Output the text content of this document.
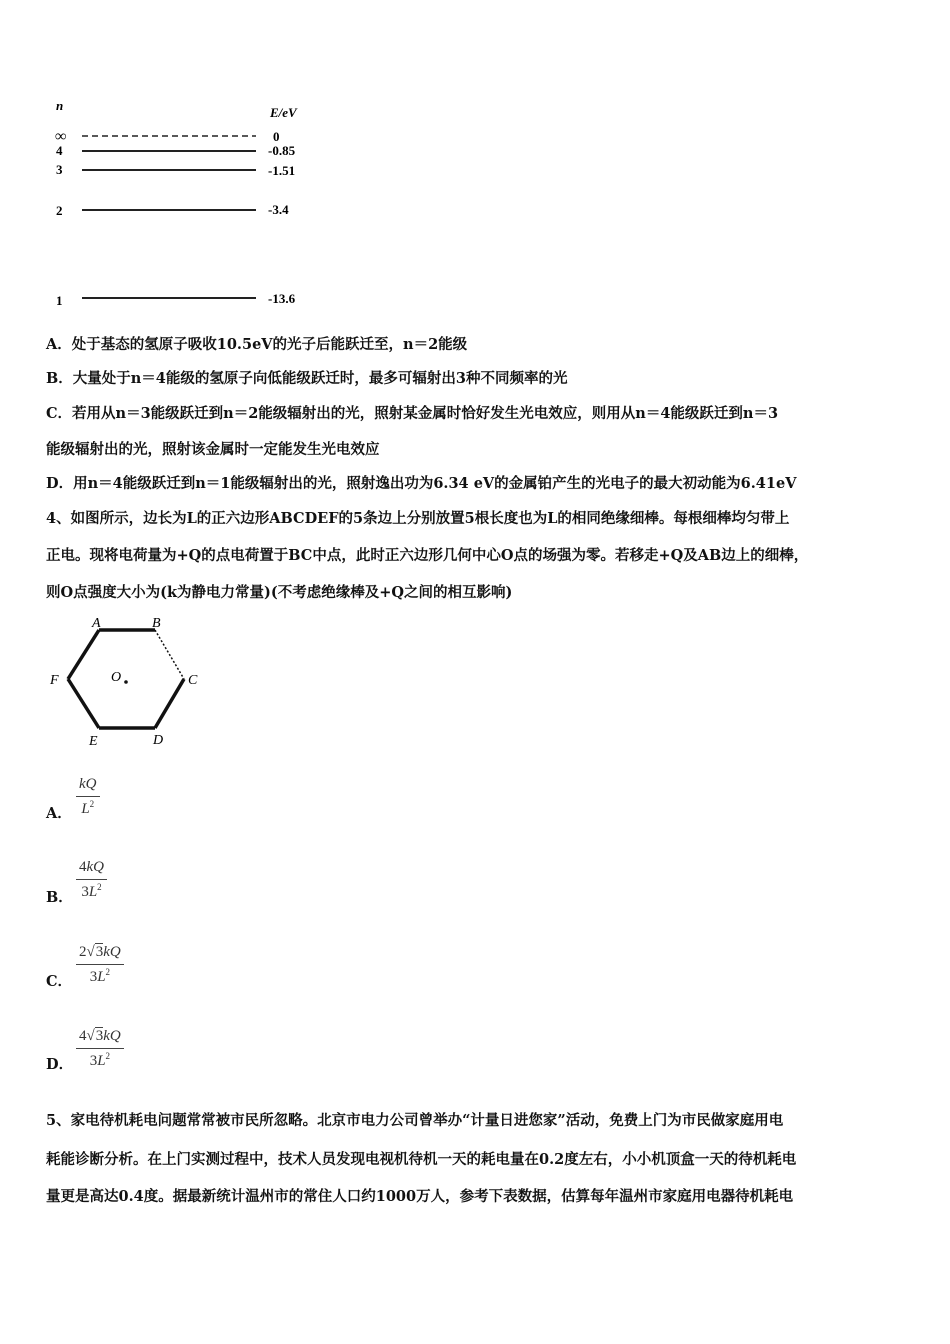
n	E/eV
∞	0
4	-0.85
3	-1.51
2	-3.4
1	-13.6
A．处于基态的氢原子吸收10.5eV的光子后能跃迁至，n＝2能级
B．大量处于n＝4能级的氢原子向低能级跃迁时，最多可辐射出3种不同频率的光
C．若用从n＝3能级跃迁到n＝2能级辐射出的光，照射某金属时恰好发生光电效应，则用从n＝4能级跃迁到n＝3
能级辐射出的光，照射该金属时一定能发生光电效应
D．用n＝4能级跃迁到n＝1能级辐射出的光，照射逸出功为6.34 eV的金属铂产生的光电子的最大初动能为6.41eV
4、如图所示，边长为L的正六边形ABCDEF的5条边上分别放置5根长度也为L的相同绝缘细棒。每根细棒均匀带上
正电。现将电荷量为+Q的点电荷置于BC中点，此时正六边形几何中心O点的场强为零。若移走+Q及AB边上的细棒，
则O点强度大小为(k为静电力常量)(不考虑绝缘棒及+Q之间的相互影响)
A	B
C
D
E
F	O
A．
kQ
$L^2$
B．
4kQ
$3L^2$
C．
2√3kQ
$3L^2$
D．
4√3kQ
$3L^2$
5、家电待机耗电问题常常被市民所忽略。北京市电力公司曾举办“计量日进您家”活动，免费上门为市民做家庭用电
耗能诊断分析。在上门实测过程中，技术人员发现电视机待机一天的耗电量在0.2度左右，小小机顶盒一天的待机耗电
量更是高达0.4度。据最新统计温州市的常住人口约1000万人，参考下表数据，估算每年温州市家庭用电器待机耗电
